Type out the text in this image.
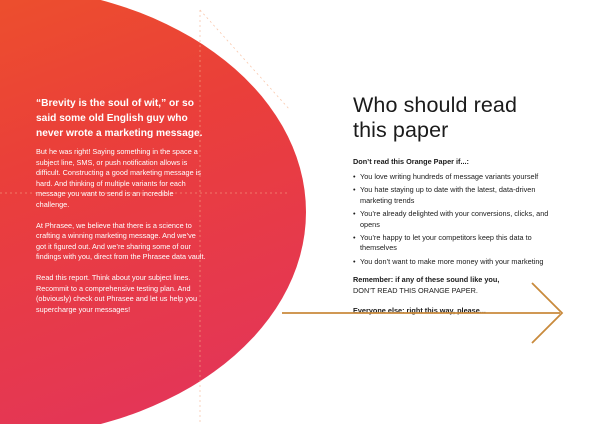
“Brevity is the soul of wit,” or so said some old English guy who never wrote a marketing message.

But he was right! Saying something in the space a subject line, SMS, or push notification allows is difficult. Constructing a good marketing message is hard. And thinking of multiple variants for each message you want to send is an incredible challenge.

At Phrasee, we believe that there is a science to crafting a winning marketing message. And we’ve got it figured out. And we’re sharing some of our findings with you, direct from the Phrasee data vault.

Read this report. Think about your subject lines. Recommit to a comprehensive testing plan. And (obviously) check out Phrasee and let us help you supercharge your messages!

Who should read this paper

Don’t read this Orange Paper if...:

• You love writing hundreds of message variants yourself
• You hate staying up to date with the latest, data-driven marketing trends
• You’re already delighted with your conversions, clicks, and opens
• You’re happy to let your competitors keep this data to themselves
• You don’t want to make more money with your marketing

Remember: if any of these sound like you,
DON’T READ THIS ORANGE PAPER.

Everyone else: right this way, please...
